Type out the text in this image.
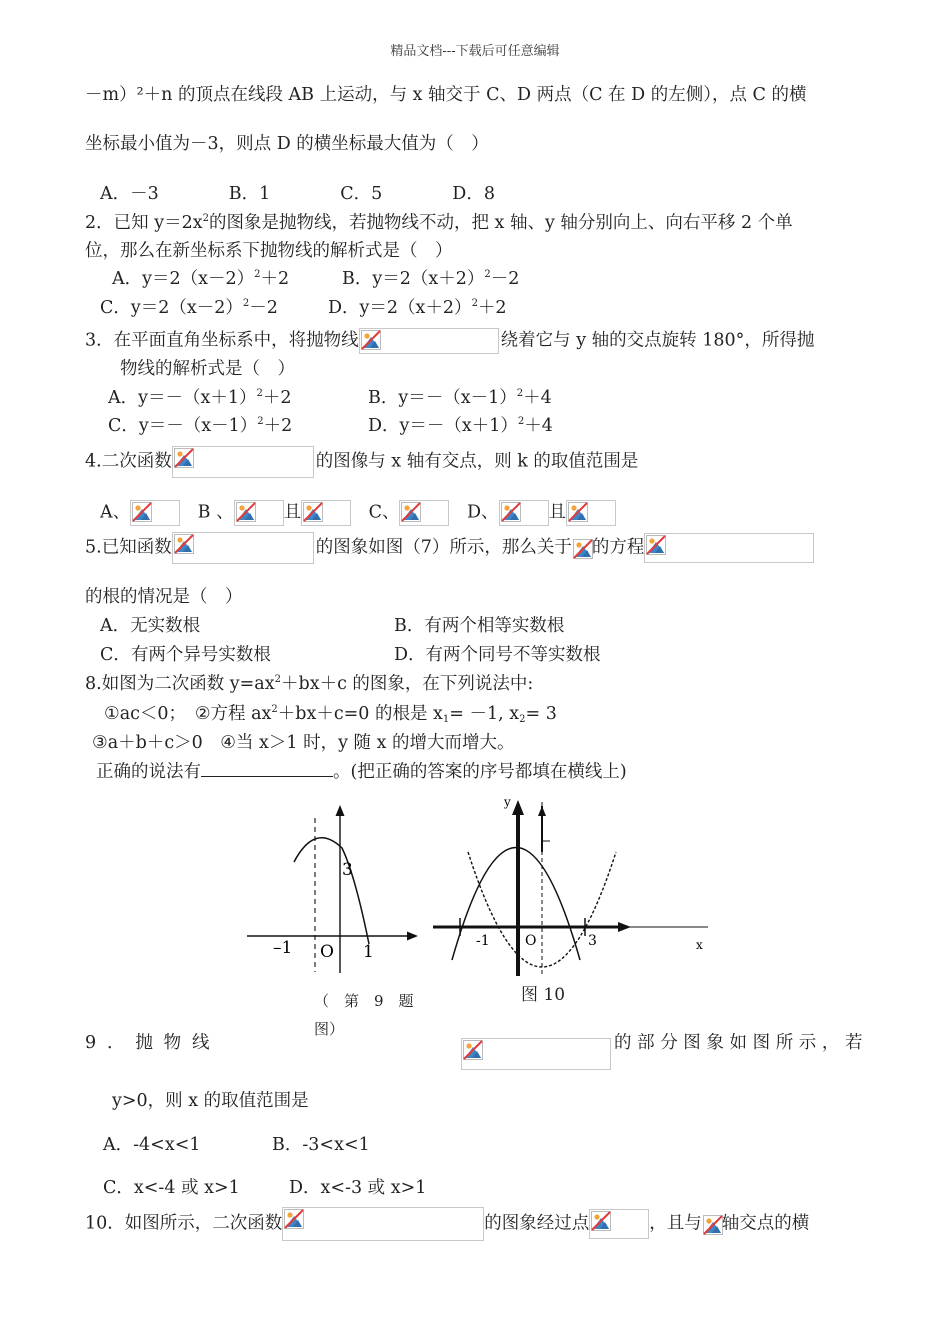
精品文档---下载后可任意编辑
－m）²＋n 的顶点在线段 AB 上运动，与 x 轴交于 C、D 两点（C 在 D 的左侧），点 C 的横
坐标最小值为－3，则点 D 的横坐标最大值为（　）
A．－3　　　　B．1　　　　C．5　　　　D．8
2．已知 $y=2x^2$的图象是抛物线，若抛物线不动，把 x 轴、y 轴分别向上、向右平移 2 个单
位，那么在新坐标系下抛物线的解析式是（　）
A．$y=2(x-2)^2+2$	B．$y=2(x+2)^2-2$
C．$y=2(x-2)^2-2$	D．$y=2(x+2)^2+2$
3．在平面直角坐标系中，将抛物线	绕着它与 y 轴的交点旋转 180°，所得抛
物线的解析式是（　）
A．$y=-(x+1)^2+2$	B．$y=-(x-1)^2+4$
C．$y=-(x-1)^2+2$	D．$y=-(x+1)^2+4$
4.二次函数	的图像与 x 轴有交点，则 k 的取值范围是
A、
　	B 、	且
　	C、
　	D、	且
5.已知函数	的图象如图（7）所示，那么关于 的方程
的根的情况是（　）
A．无实数根	B．有两个相等实数根
C．有两个异号实数根	D．有两个同号不等实数根
8.如图为二次函数 $y=ax^2+bx+c$ 的图象，在下列说法中:
①ac＜0；　 ②方程 $ax^2+bx+c=0$ 的根是 $x_1= -1$, $x_2= 3$
③a＋b＋c＞0　 ④当 x＞1 时，y 随 x 的增大而增大。
正确的说法有	。(把正确的答案的序号都填在横线上)
3
–1 O 1
（　第　9　题
图）
x
y
-1	O	3
图 10
9．抛物线	的部分图象如图所示，若
y>0，则 x 的取值范围是
A．-4<x<1	B．-3<x<1
C．x<-4 或 x>1	D．x<-3 或 x>1
10．如图所示，二次函数	的图象经过点	，且与 轴交点的横
